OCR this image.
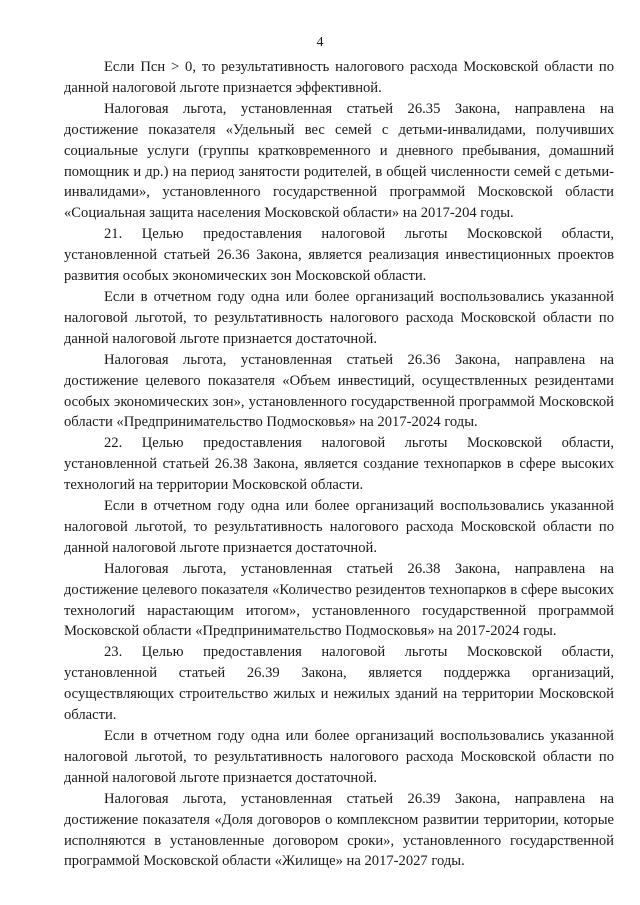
4

Если Псн > 0, то результативность налогового расхода Московской области по данной налоговой льготе признается эффективной.

Налоговая льгота, установленная статьей 26.35 Закона, направлена на достижение показателя «Удельный вес семей с детьми-инвалидами, получивших социальные услуги (группы кратковременного и дневного пребывания, домашний помощник и др.) на период занятости родителей, в общей численности семей с детьми-инвалидами», установленного государственной программой Московской области «Социальная защита населения Московской области» на 2017-204 годы.

21. Целью предоставления налоговой льготы Московской области, установленной статьей 26.36 Закона, является реализация инвестиционных проектов развития особых экономических зон Московской области.

Если в отчетном году одна или более организаций воспользовались указанной налоговой льготой, то результативность налогового расхода Московской области по данной налоговой льготе признается достаточной.

Налоговая льгота, установленная статьей 26.36 Закона, направлена на достижение целевого показателя «Объем инвестиций, осуществленных резидентами особых экономических зон», установленного государственной программой Московской области «Предпринимательство Подмосковья» на 2017-2024 годы.

22. Целью предоставления налоговой льготы Московской области, установленной статьей 26.38 Закона, является создание технопарков в сфере высоких технологий на территории Московской области.

Если в отчетном году одна или более организаций воспользовались указанной налоговой льготой, то результативность налогового расхода Московской области по данной налоговой льготе признается достаточной.

Налоговая льгота, установленная статьей 26.38 Закона, направлена на достижение целевого показателя «Количество резидентов технопарков в сфере высоких технологий нарастающим итогом», установленного государственной программой Московской области «Предпринимательство Подмосковья» на 2017-2024 годы.

23. Целью предоставления налоговой льготы Московской области, установленной статьей 26.39 Закона, является поддержка организаций, осуществляющих строительство жилых и нежилых зданий на территории Московской области.

Если в отчетном году одна или более организаций воспользовались указанной налоговой льготой, то результативность налогового расхода Московской области по данной налоговой льготе признается достаточной.

Налоговая льгота, установленная статьей 26.39 Закона, направлена на достижение показателя «Доля договоров о комплексном развитии территории, которые исполняются в установленные договором сроки», установленного государственной программой Московской области «Жилище» на 2017-2027 годы.
